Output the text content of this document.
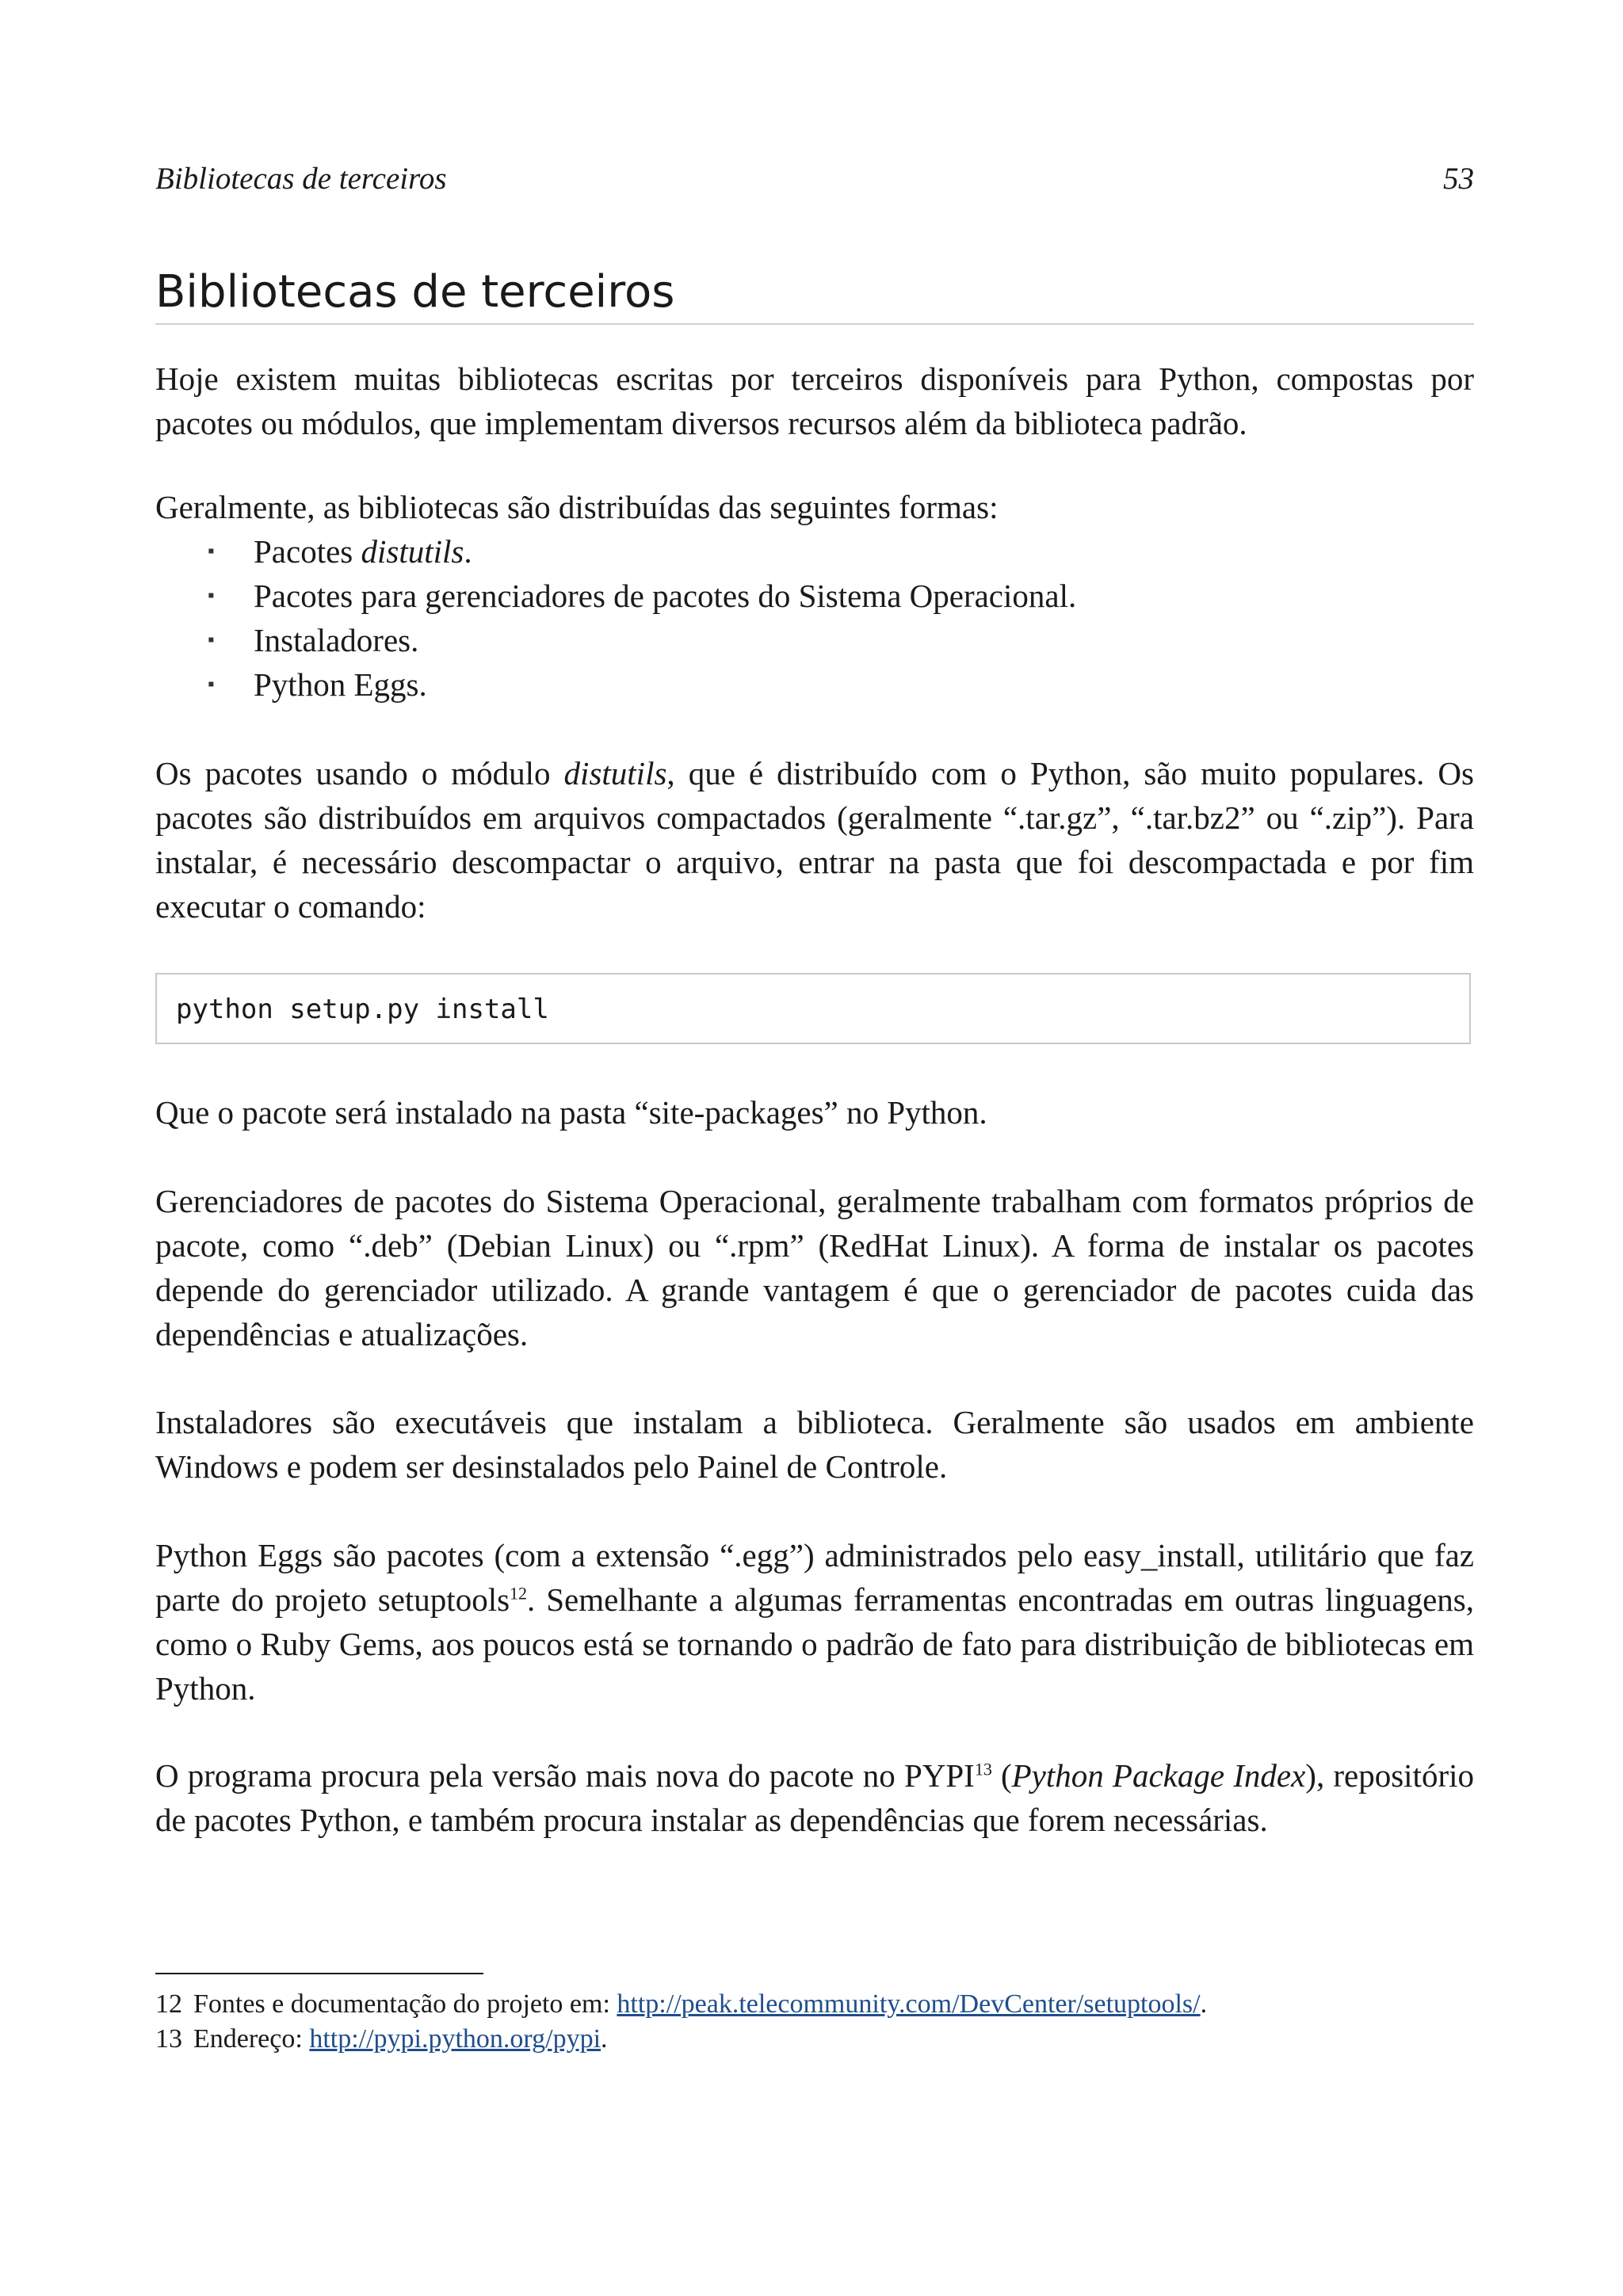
Bibliotecas de terceiros	53
Bibliotecas de terceiros

Hoje existem muitas bibliotecas escritas por terceiros disponíveis para Python, compostas por pacotes ou módulos, que implementam diversos recursos além da biblioteca padrão.

Geralmente, as bibliotecas são distribuídas das seguintes formas:

▪ Pacotes distutils.
▪ Pacotes para gerenciadores de pacotes do Sistema Operacional.
▪ Instaladores.
▪ Python Eggs.

Os pacotes usando o módulo distutils, que é distribuído com o Python, são muito populares. Os pacotes são distribuídos em arquivos compactados (geralmente “.tar.gz”, “.tar.bz2” ou “.zip”). Para instalar, é necessário descompactar o arquivo, entrar na pasta que foi descompactada e por fim executar o comando:

python setup.py install

Que o pacote será instalado na pasta “site-packages” no Python.

Gerenciadores de pacotes do Sistema Operacional, geralmente trabalham com formatos próprios de pacote, como “.deb” (Debian Linux) ou “.rpm” (RedHat Linux). A forma de instalar os pacotes depende do gerenciador utilizado. A grande vantagem é que o gerenciador de pacotes cuida das dependências e atualizações.

Instaladores são executáveis que instalam a biblioteca. Geralmente são usados em ambiente Windows e podem ser desinstalados pelo Painel de Controle.

Python Eggs são pacotes (com a extensão “.egg”) administrados pelo easy_install, utilitário que faz parte do projeto setuptools$^{12}$. Semelhante a algumas ferramentas encontradas em outras linguagens, como o Ruby Gems, aos poucos está se tornando o padrão de fato para distribuição de bibliotecas em Python.

O programa procura pela versão mais nova do pacote no PYPI$^{13}$ (Python Package Index), repositório de pacotes Python, e também procura instalar as dependências que forem necessárias.

12 Fontes e documentação do projeto em: http://peak.telecommunity.com/DevCenter/setuptools/.
13 Endereço: http://pypi.python.org/pypi.
